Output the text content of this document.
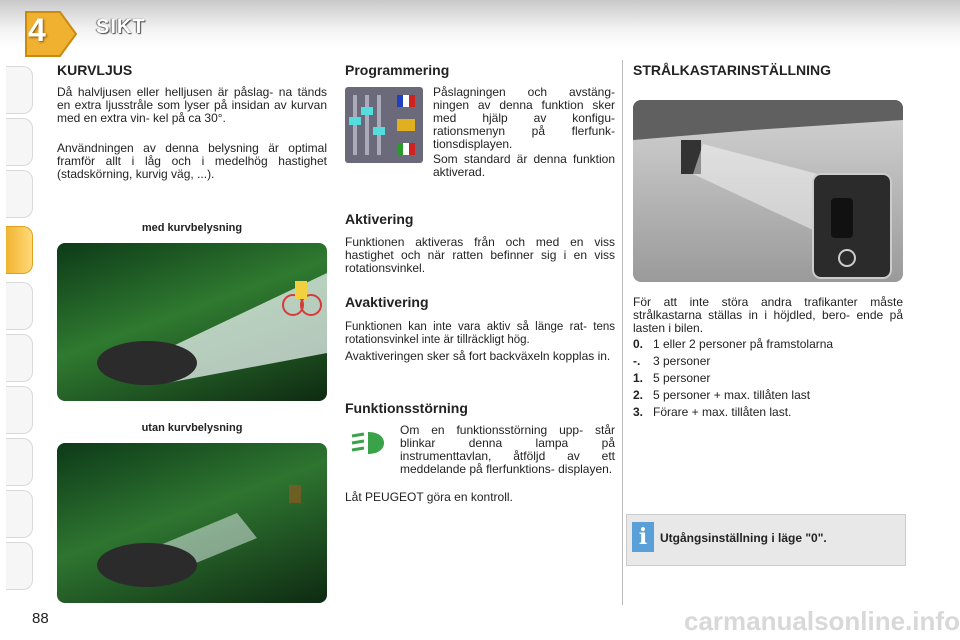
4	SIKT
KURVLJUS

Då halvljusen eller helljusen är påslag- na tänds en extra ljusstråle som lyser på insidan av kurvan med en extra vin- kel på ca 30°.

Användningen av denna belysning är optimal framför allt i låg och i medelhög hastighet (stadskörning, kurvig väg, ...).

med kurvbelysning
utan kurvbelysning
Programmering

Påslagningen och avstäng- ningen av denna funktion sker med hjälp av konfigu- rationsmenyn på flerfunk- tionsdisplayen.

Som standard är denna funktion aktiverad.

Aktivering

Funktionen aktiveras från och med en viss hastighet och när ratten befinner sig i en viss rotationsvinkel.

Avaktivering

Funktionen kan inte vara aktiv så länge rat- tens rotationsvinkel inte är tillräckligt hög.

Avaktiveringen sker så fort backväxeln kopplas in.

Funktionsstörning

Om en funktionsstörning upp- står blinkar denna lampa på instrumenttavlan, åtföljd av ett meddelande på flerfunktions- displayen.

Låt PEUGEOT göra en kontroll.

STRÅLKASTARINSTÄLLNING

För att inte störa andra trafikanter måste strålkastarna ställas in i höjdled, bero- ende på lasten i bilen.

0. 1 eller 2 personer på framstolarna
-. 3 personer
1. 5 personer
2. 5 personer + max. tillåten last
3. Förare + max. tillåten last.
i	Utgångsinställning i läge "0".
88	carmanualsonline.info
